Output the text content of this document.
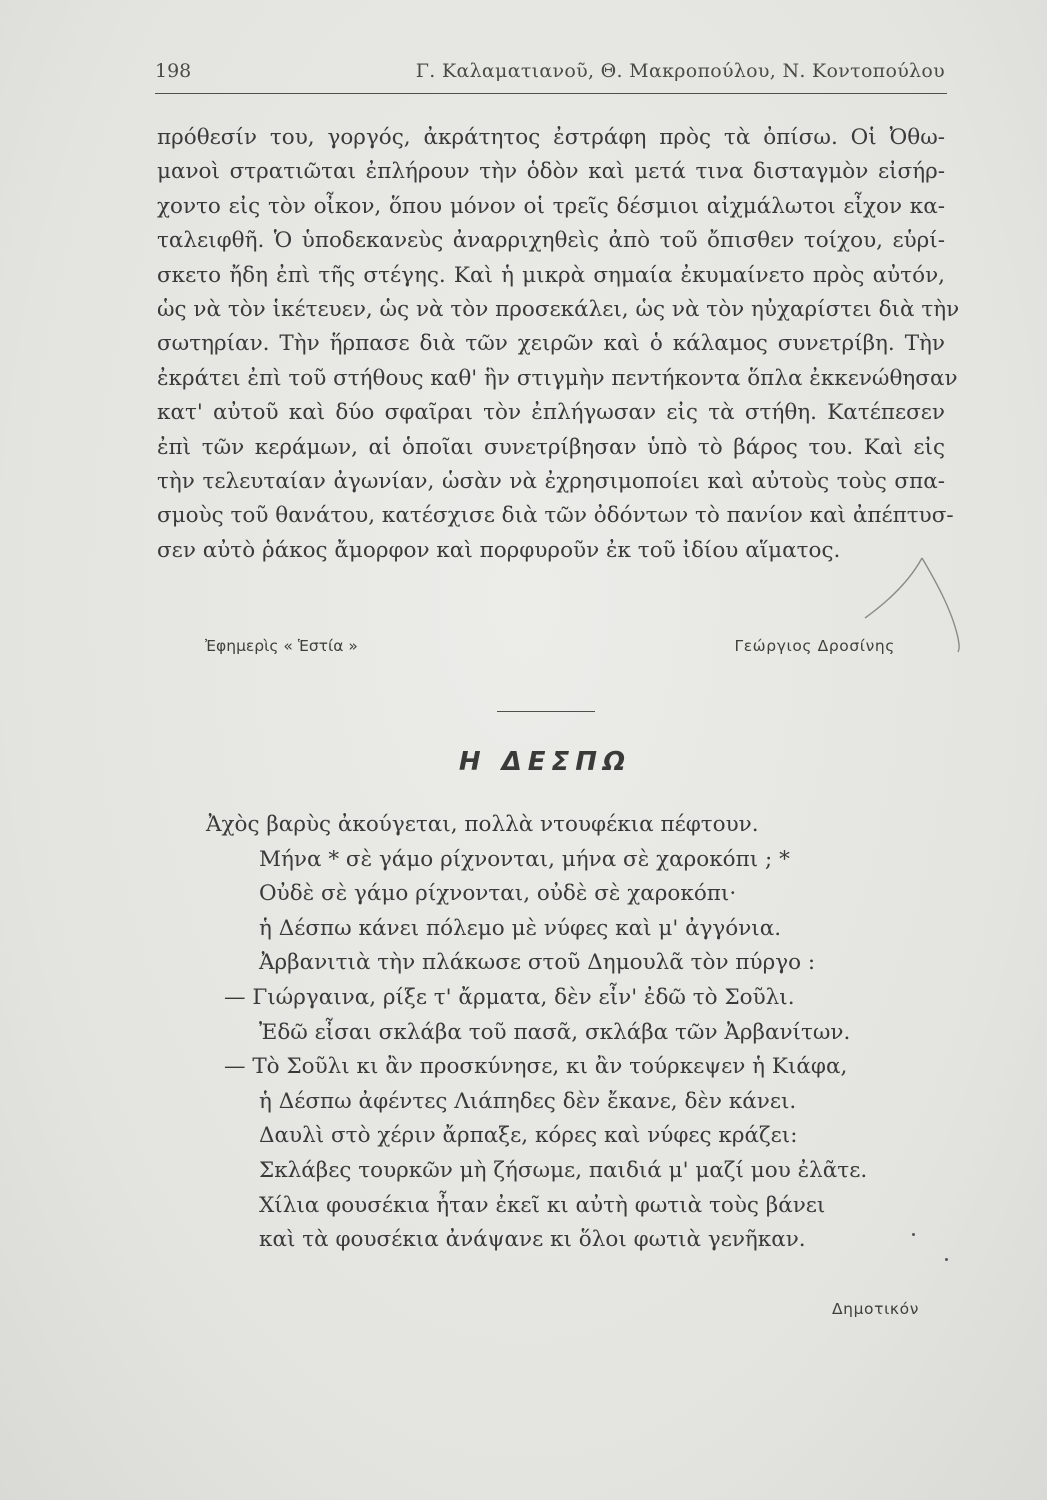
198	Γ. Καλαματιανοῦ, Θ. Μακροπούλου, Ν. Κοντοπούλου
πρόθεσίν του, γοργός, ἀκράτητος ἐστράφη πρὸς τὰ ὀπίσω. Οἱ Ὀθω-
μανοὶ στρατιῶται ἐπλήρουν τὴν ὁδὸν καὶ μετά τινα δισταγμὸν εἰσήρ-
χοντο εἰς τὸν οἶκον, ὅπου μόνον οἱ τρεῖς δέσμιοι αἰχμάλωτοι εἶχον κα-
ταλειφθῆ. Ὁ ὑποδεκανεὺς ἀναρριχηθεὶς ἀπὸ τοῦ ὄπισθεν τοίχου, εὑρί-
σκετο ἤδη ἐπὶ τῆς στέγης. Καὶ ἡ μικρὰ σημαία ἐκυμαίνετο πρὸς αὐτόν,
ὡς νὰ τὸν ἱκέτευεν, ὡς νὰ τὸν προσεκάλει, ὡς νὰ τὸν ηὐχαρίστει διὰ τὴν
σωτηρίαν. Τὴν ἥρπασε διὰ τῶν χειρῶν καὶ ὁ κάλαμος συνετρίβη. Τὴν
ἐκράτει ἐπὶ τοῦ στήθους καθ' ἣν στιγμὴν πεντήκοντα ὅπλα ἐκκενώθησαν
κατ' αὐτοῦ καὶ δύο σφαῖραι τὸν ἐπλήγωσαν εἰς τὰ στήθη. Κατέπεσεν
ἐπὶ τῶν κεράμων, αἱ ὁποῖαι συνετρίβησαν ὑπὸ τὸ βάρος του. Καὶ εἰς
τὴν τελευταίαν ἀγωνίαν, ὡσὰν νὰ ἐχρησιμοποίει καὶ αὐτοὺς τοὺς σπα-
σμοὺς τοῦ θανάτου, κατέσχισε διὰ τῶν ὀδόντων τὸ πανίον καὶ ἀπέπτυσ-
σεν αὐτὸ ῥάκος ἄμορφον καὶ πορφυροῦν ἐκ τοῦ ἰδίου αἵματος.
Ἐφημερὶς « Ἑστία »	Γεώργιος Δροσίνης
Η ΔΕΣΠΩ
Ἀχὸς βαρὺς ἀκούγεται, πολλὰ ντουφέκια πέφτουν.
Μήνα * σὲ γάμο ρίχνονται, μήνα σὲ χαροκόπι ; *
Οὐδὲ σὲ γάμο ρίχνονται, οὐδὲ σὲ χαροκόπι·
ἡ Δέσπω κάνει πόλεμο μὲ νύφες καὶ μ' ἀγγόνια.
Ἀρβανιτιὰ τὴν πλάκωσε στοῦ Δημουλᾶ τὸν πύργο :
— Γιώργαινα, ρίξε τ' ἄρματα, δὲν εἶν' ἐδῶ τὸ Σοῦλι.
Ἐδῶ εἶσαι σκλάβα τοῦ πασᾶ, σκλάβα τῶν Ἀρβανίτων.
— Τὸ Σοῦλι κι ἂν προσκύνησε, κι ἂν τούρκεψεν ἡ Κιάφα,
ἡ Δέσπω ἀφέντες Λιάπηδες δὲν ἔκανε, δὲν κάνει.
Δαυλὶ στὸ χέριν ἄρπαξε, κόρες καὶ νύφες κράζει:
Σκλάβες τουρκῶν μὴ ζήσωμε, παιδιά μ' μαζί μου ἐλᾶτε.
Χίλια φουσέκια ἦταν ἐκεῖ κι αὐτὴ φωτιὰ τοὺς βάνει
καὶ τὰ φουσέκια ἀνάψανε κι ὅλοι φωτιὰ γενῆκαν.
Δημοτικόν
